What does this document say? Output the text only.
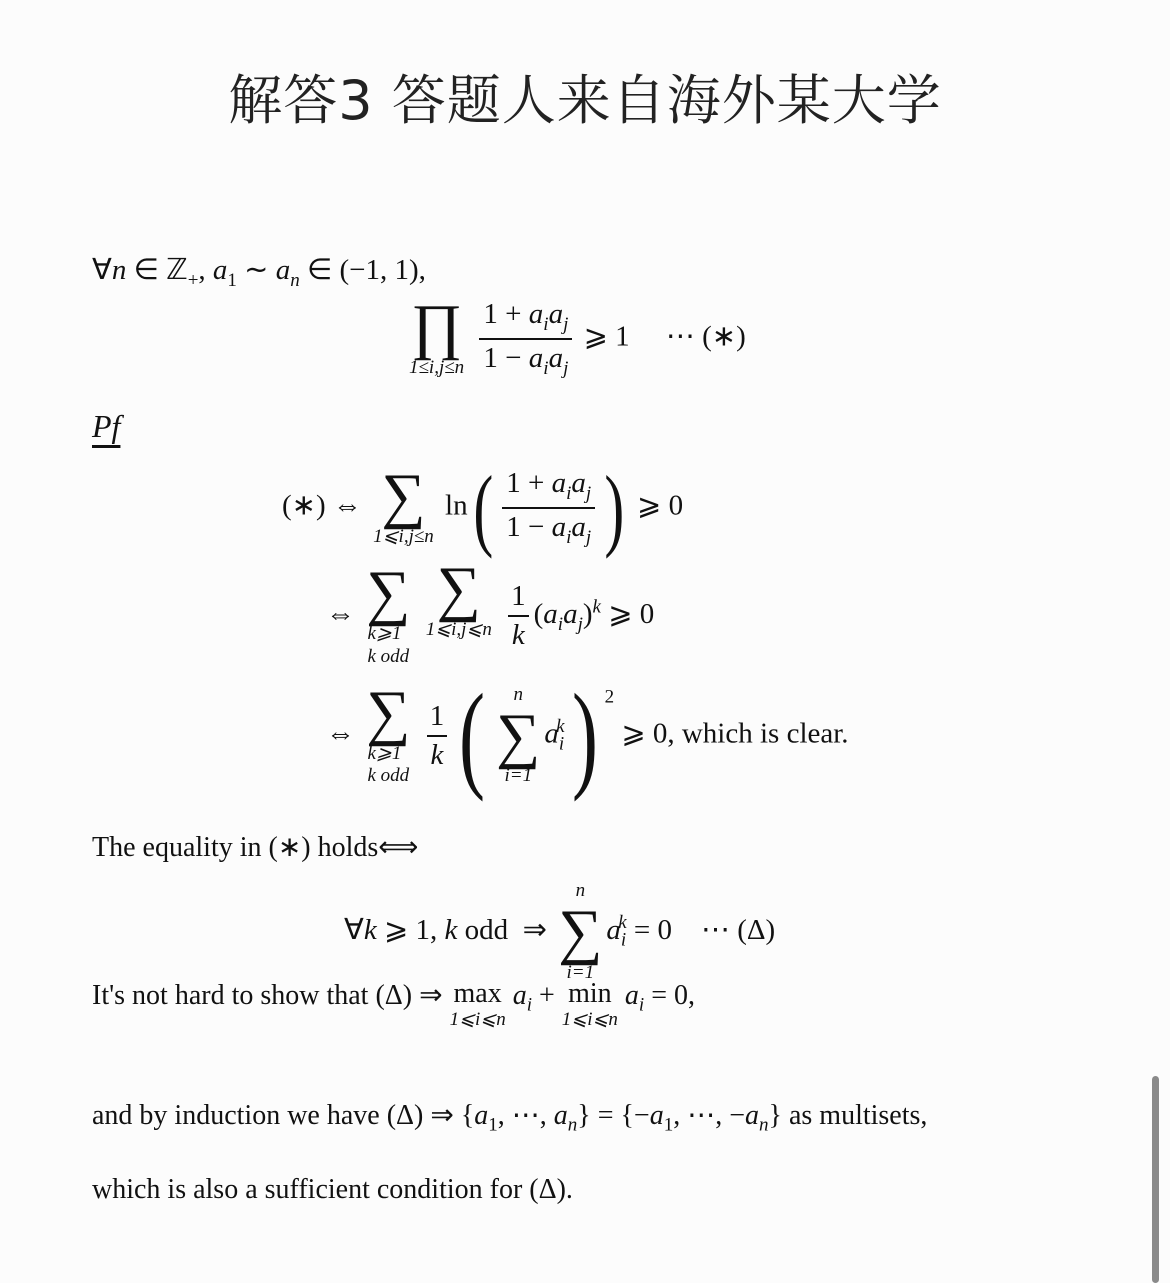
解答3 答题人来自海外某大学
∀n ∈ ℤ$_+$, $a_1$ ∼ $a_n$ ∈ (−1, 1),
∏
1≤i,j≤n
$\frac{1 + a_ia_j}{1 - a_ia_j}$ ⩾ 1     ⋯ (∗)
Pf
(∗) ⇔ ∑
1⩽i,j≤n
$\ln( \frac{1 + a_ia_j}{1 - a_ia_j}$ ) ⩾ 0
⇔ ∑
k⩾1
k odd

∑
1⩽i,j⩽n
$\frac{1}{k} (a_ia_j)^k$ ⩾ 0
⇔ ∑
k⩾1
k odd

$\frac{1}{k}$ ( n
∑
i=1
$a_i^k$) $^2$ ⩾ 0, which is clear.
The equality in (∗) holds⟺
∀k ⩾ 1, k odd  ⇒
n
∑
i=1
$a_i^k = 0$    ⋯ (Δ)
It's not hard to show that (Δ) ⇒ max
1⩽i⩽n
$a_i + \min$
1⩽i⩽n
$a_i = 0$,
and by induction we have (Δ) ⇒ {$a_1$, ⋯, $a_n\} = \{-a_1$, ⋯, $-a_n$} as multisets,
which is also a sufficient condition for (Δ).
